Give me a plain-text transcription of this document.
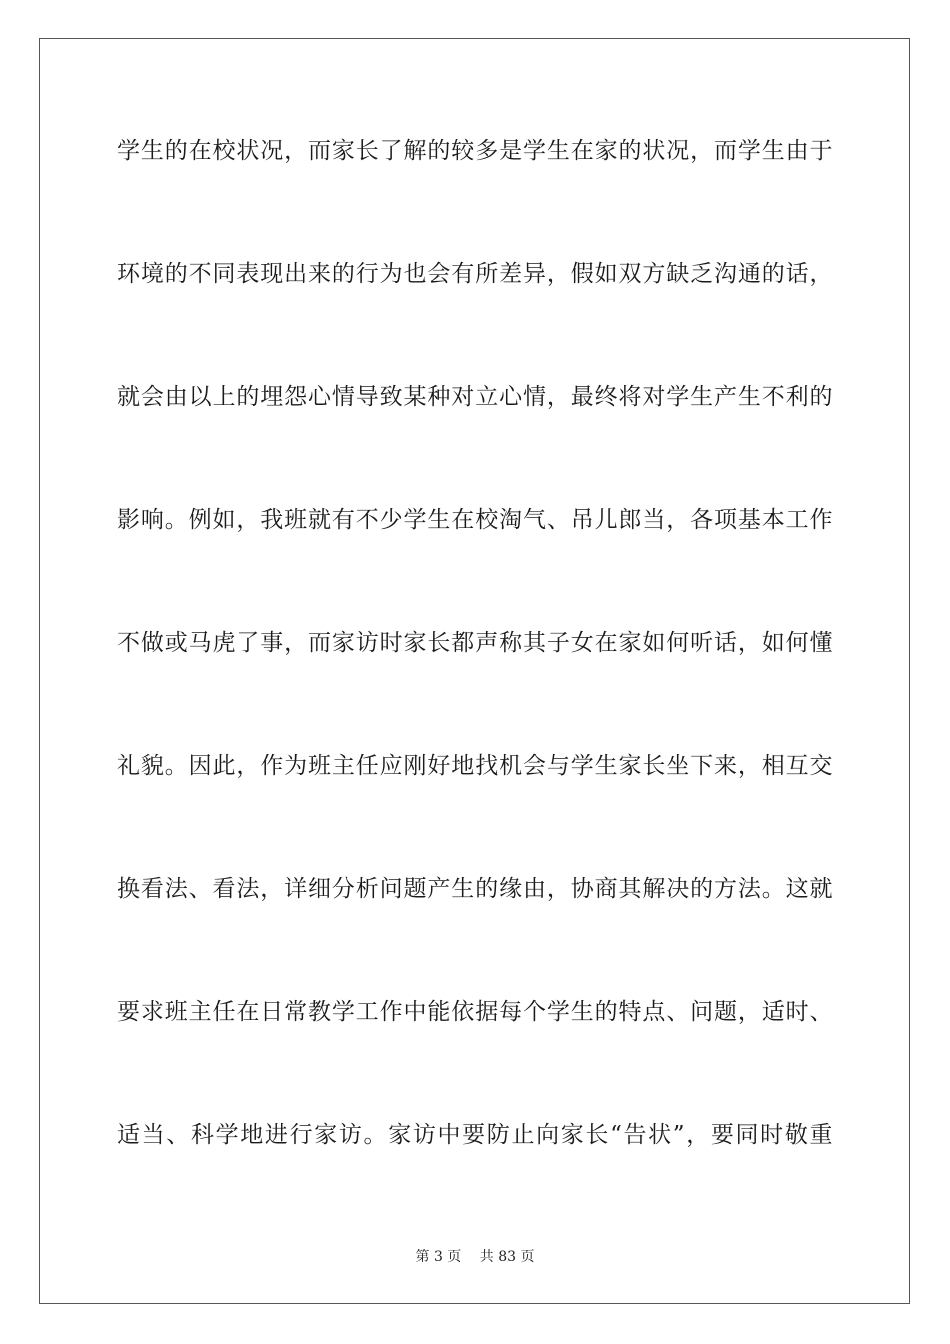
学生的在校状况，而家长了解的较多是学生在家的状况，而学生由于
环境的不同表现出来的行为也会有所差异，假如双方缺乏沟通的话，
就会由以上的埋怨心情导致某种对立心情，最终将对学生产生不利的
影响。例如，我班就有不少学生在校淘气、吊儿郎当，各项基本工作
不做或马虎了事，而家访时家长都声称其子女在家如何听话，如何懂
礼貌。因此，作为班主任应刚好地找机会与学生家长坐下来，相互交
换看法、看法，详细分析问题产生的缘由，协商其解决的方法。这就
要求班主任在日常教学工作中能依据每个学生的特点、问题，适时、
适当、科学地进行家访。家访中要防止向家长“告状”，要同时敬重
第 3 页 共 83 页
